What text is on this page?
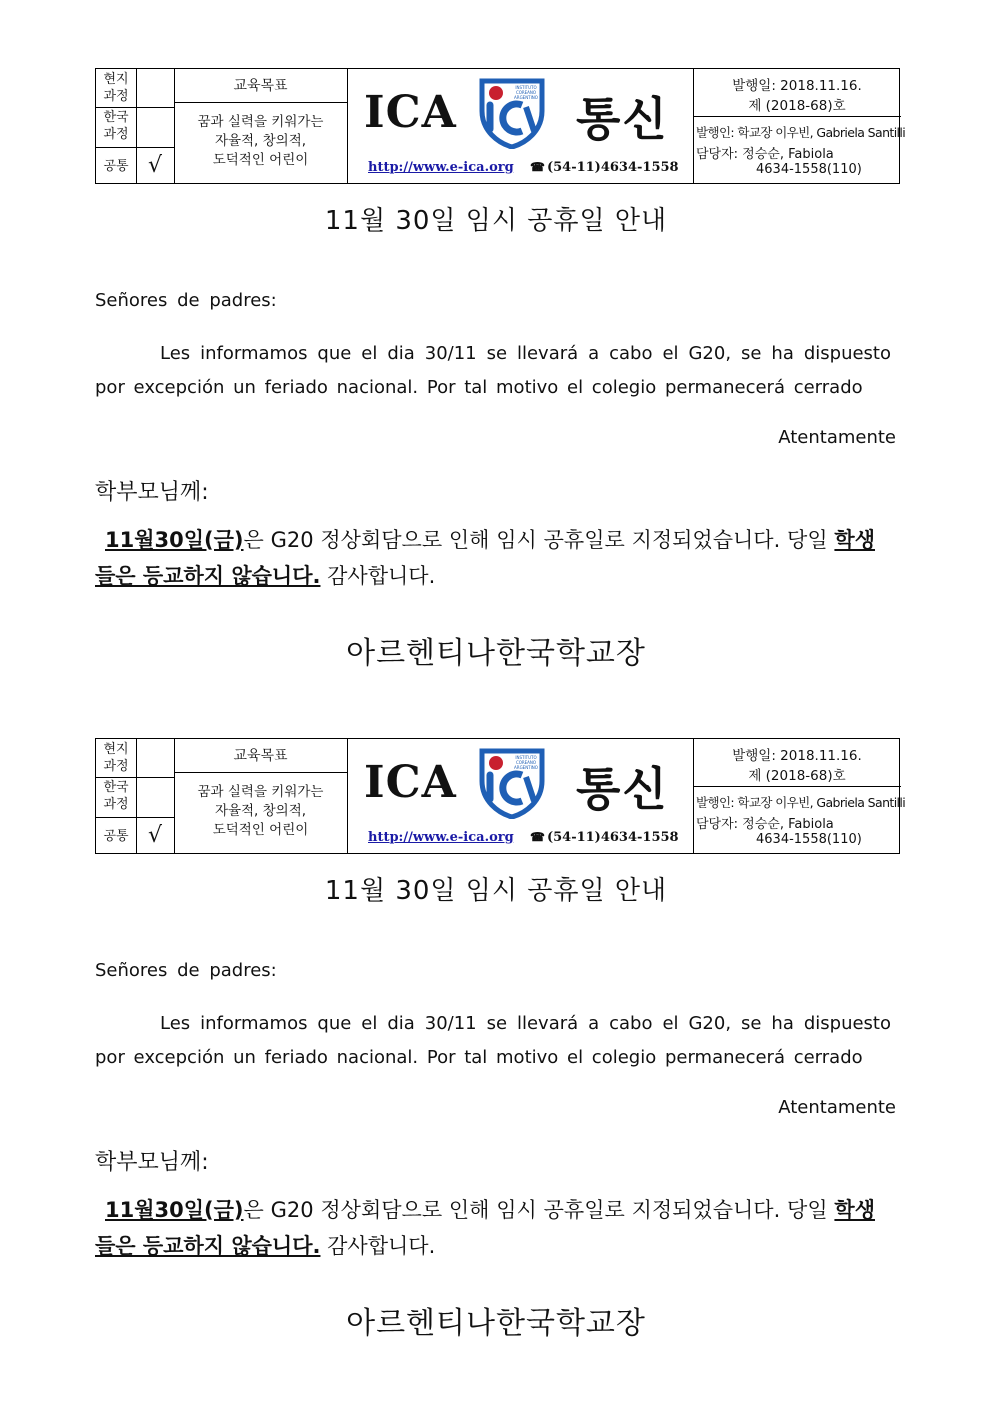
현지
과정
한국
과정
공통 √
교육목표
꿈과 실력을 키워가는
자율적, 창의적,
도덕적인 어린이
ICA	INSTITUTO
COREANO
ARGENTINO 통신
http://www.e-ica.org ☎ (54-11)4634-1558
발행일: 2018.11.16.
제 (2018-68)호
발행인: 학교장 이우빈, Gabriela Santilli
담당자: 정승순, Fabiola
4634-1558(110)
11월 30일 임시 공휴일 안내
Señores de padres:
Les informamos que el dia 30/11 se llevará a cabo el G20, se ha dispuesto por excepción un feriado nacional. Por tal motivo el colegio permanecerá cerrado
Atentamente
학부모님께:
11월30일(금)은 G20 정상회담으로 인해 임시 공휴일로 지정되었습니다. 당일 학생들은 등교하지 않습니다. 감사합니다.
아르헨티나한국학교장
현지
과정
한국
과정
공통 √
교육목표
꿈과 실력을 키워가는
자율적, 창의적,
도덕적인 어린이
ICA	INSTITUTO
COREANO
ARGENTINO 통신
http://www.e-ica.org ☎ (54-11)4634-1558
발행일: 2018.11.16.
제 (2018-68)호
발행인: 학교장 이우빈, Gabriela Santilli
담당자: 정승순, Fabiola
4634-1558(110)
11월 30일 임시 공휴일 안내
Señores de padres:
Les informamos que el dia 30/11 se llevará a cabo el G20, se ha dispuesto por excepción un feriado nacional. Por tal motivo el colegio permanecerá cerrado
Atentamente
학부모님께:
11월30일(금)은 G20 정상회담으로 인해 임시 공휴일로 지정되었습니다. 당일 학생들은 등교하지 않습니다. 감사합니다.
아르헨티나한국학교장
